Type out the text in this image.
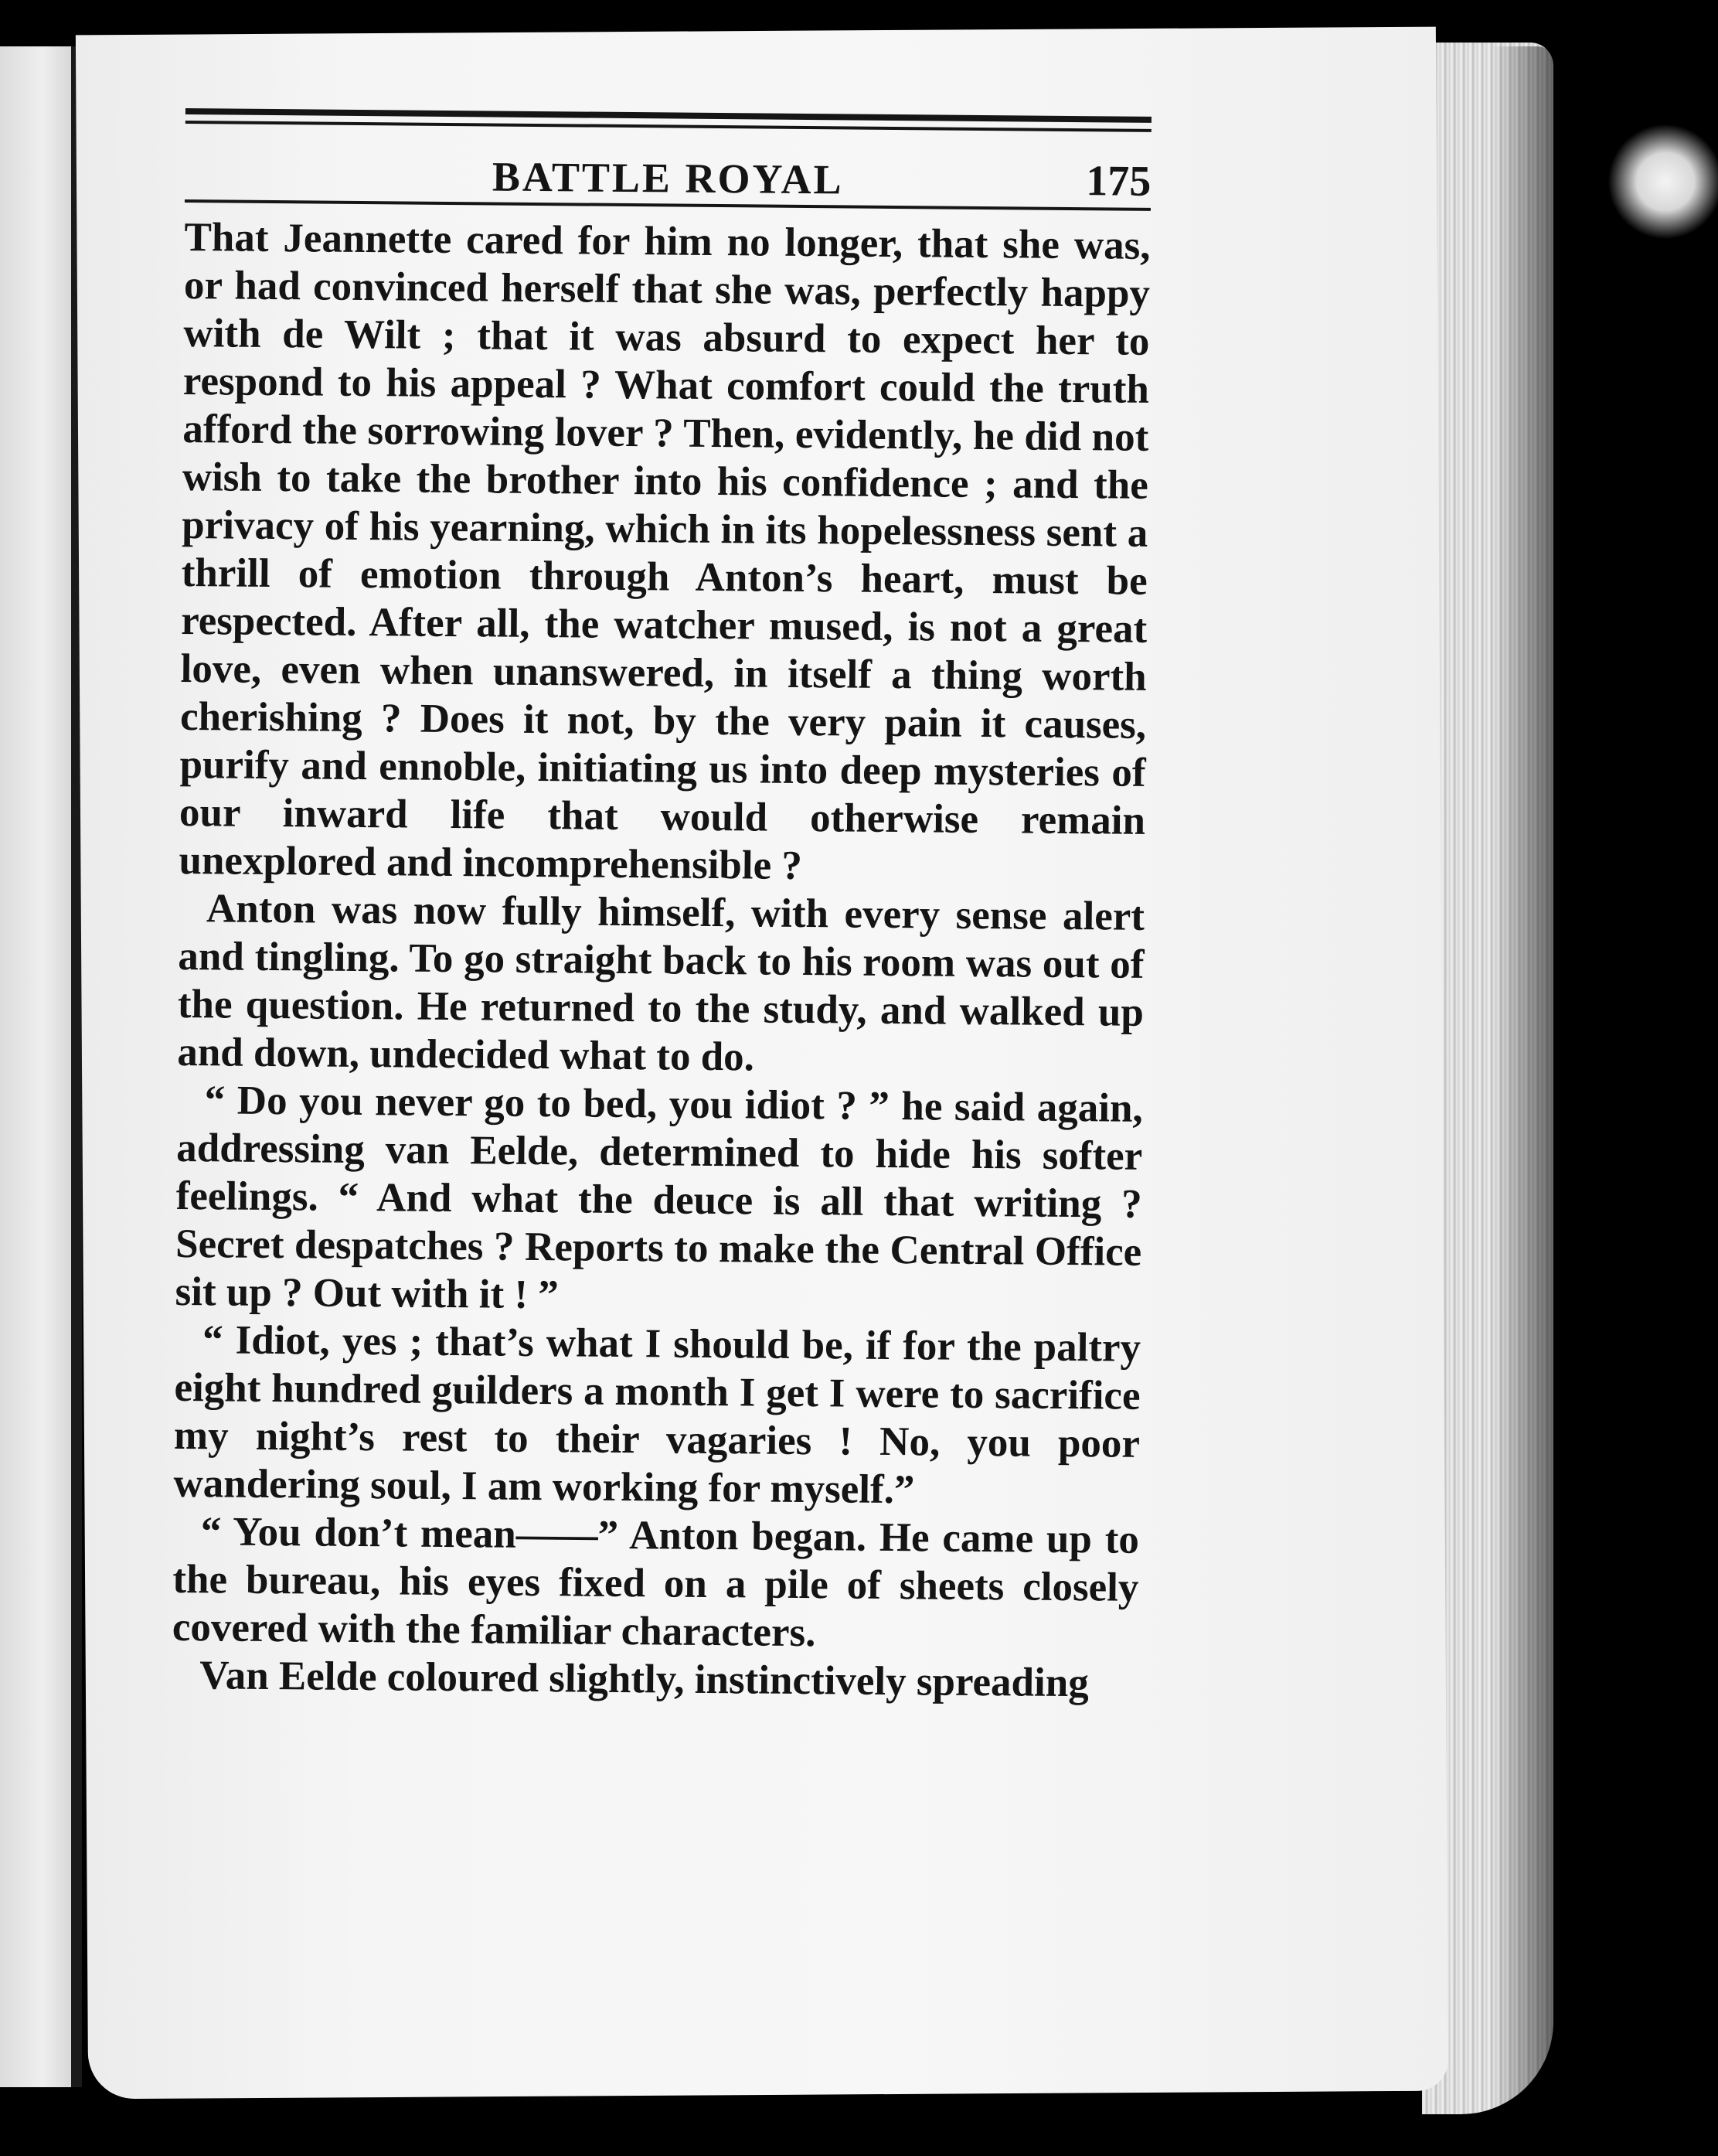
BATTLE ROYAL	175

That Jeannette cared for him no longer, that she was, or had convinced herself that she was, perfectly happy with de Wilt ; that it was absurd to expect her to respond to his appeal ? What comfort could the truth afford the sorrowing lover ? Then, evidently, he did not wish to take the brother into his confidence ; and the privacy of his yearning, which in its hopelessness sent a thrill of emotion through Anton’s heart, must be respected. After all, the watcher mused, is not a great love, even when unanswered, in itself a thing worth cherishing ? Does it not, by the very pain it causes, purify and ennoble, initiating us into deep mysteries of our inward life that would otherwise remain unexplored and incomprehensible ?

Anton was now fully himself, with every sense alert and tingling. To go straight back to his room was out of the question. He returned to the study, and walked up and down, undecided what to do.

“ Do you never go to bed, you idiot ? ” he said again, addressing van Eelde, determined to hide his softer feelings. “ And what the deuce is all that writing ? Secret despatches ? Reports to make the Central Office sit up ? Out with it ! ”

“ Idiot, yes ; that’s what I should be, if for the paltry eight hundred guilders a month I get I were to sacrifice my night’s rest to their vagaries ! No, you poor wandering soul, I am working for myself.”

“ You don’t mean——” Anton began. He came up to the bureau, his eyes fixed on a pile of sheets closely covered with the familiar characters.

Van Eelde coloured slightly, instinctively spreading
